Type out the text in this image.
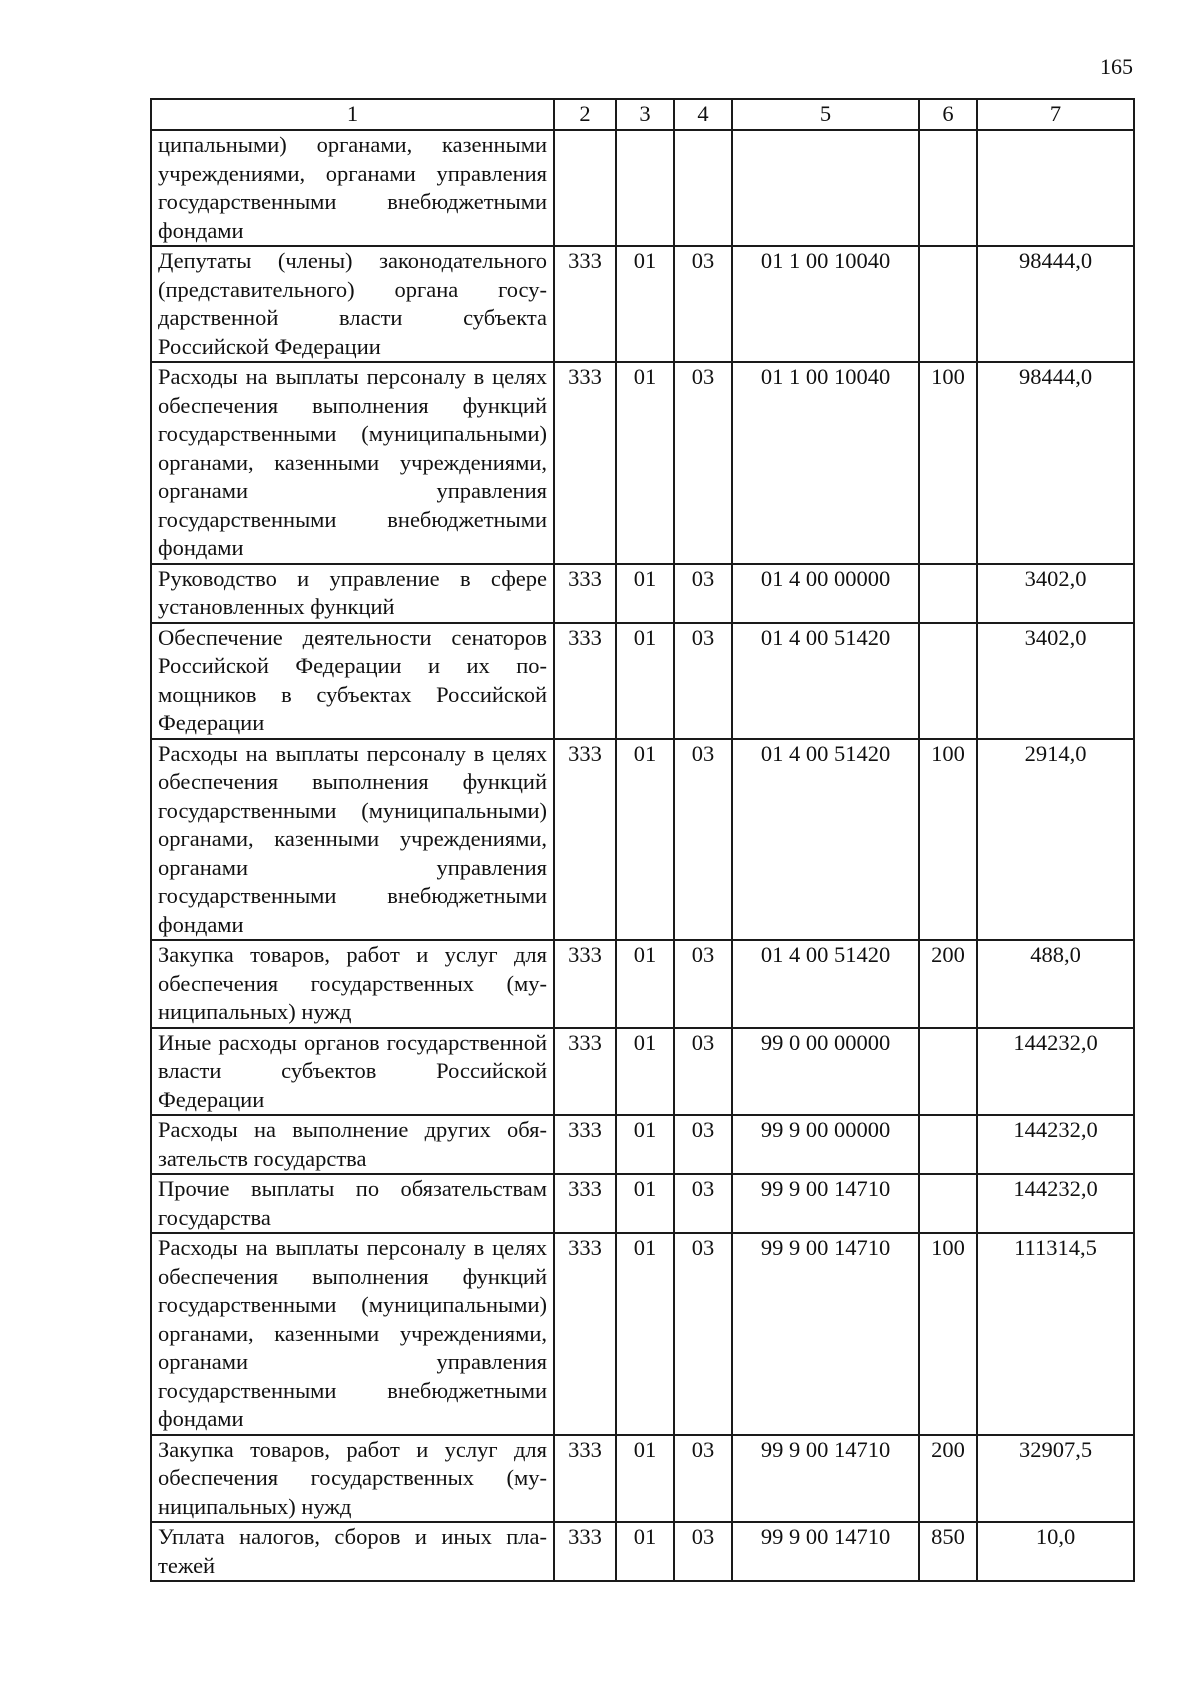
165
1	2	3	4	5	6	7
ципальными) органами, казенными учреждениями, органами управления государственными внебюджетными фондами						
Депутаты (члены) законодательного (представительного) органа государственной власти субъекта Российской Федерации	333	01	03	01 1 00 10040		98444,0
Расходы на выплаты персоналу в целях обеспечения выполнения функций государственными (муниципальными) органами, казенными учреждениями, органами управления государственными внебюджетными фондами	333	01	03	01 1 00 10040	100	98444,0
Руководство и управление в сфере установленных функций	333	01	03	01 4 00 00000		3402,0
Обеспечение деятельности сенаторов Российской Федерации и их помощников в субъектах Российской Федерации	333	01	03	01 4 00 51420		3402,0
Расходы на выплаты персоналу в целях обеспечения выполнения функций государственными (муниципальными) органами, казенными учреждениями, органами управления государственными внебюджетными фондами	333	01	03	01 4 00 51420	100	2914,0
Закупка товаров, работ и услуг для обеспечения государственных (муниципальных) нужд	333	01	03	01 4 00 51420	200	488,0
Иные расходы органов государственной власти субъектов Российской Федерации	333	01	03	99 0 00 00000		144232,0
Расходы на выполнение других обязательств государства	333	01	03	99 9 00 00000		144232,0
Прочие выплаты по обязательствам государства	333	01	03	99 9 00 14710		144232,0
Расходы на выплаты персоналу в целях обеспечения выполнения функций государственными (муниципальными) органами, казенными учреждениями, органами управления государственными внебюджетными фондами	333	01	03	99 9 00 14710	100	111314,5
Закупка товаров, работ и услуг для обеспечения государственных (муниципальных) нужд	333	01	03	99 9 00 14710	200	32907,5
Уплата налогов, сборов и иных платежей	333	01	03	99 9 00 14710	850	10,0
